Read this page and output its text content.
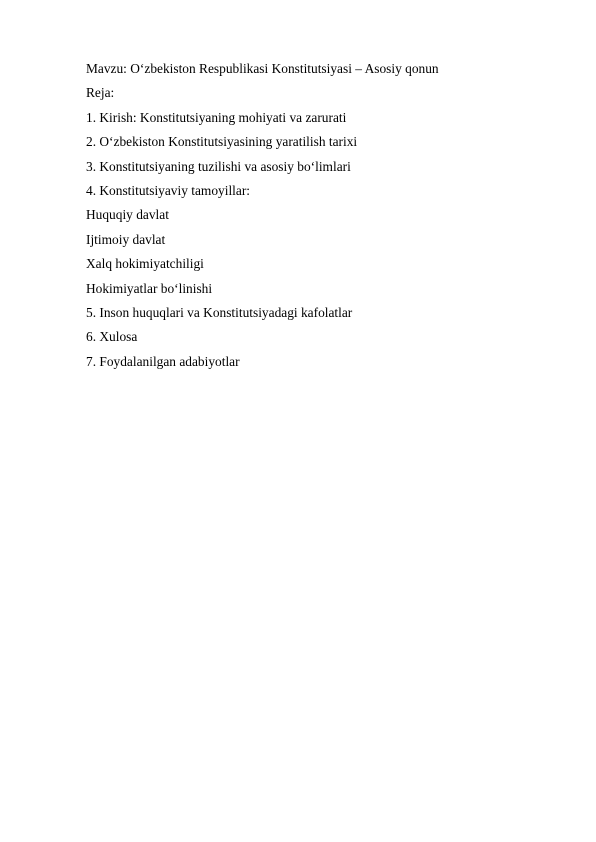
Mavzu: O‘zbekiston Respublikasi Konstitutsiyasi – Asosiy qonun
Reja:
1. Kirish: Konstitutsiyaning mohiyati va zarurati
2. O‘zbekiston Konstitutsiyasining yaratilish tarixi
3. Konstitutsiyaning tuzilishi va asosiy bo‘limlari
4. Konstitutsiyaviy tamoyillar:
Huquqiy davlat
Ijtimoiy davlat
Xalq hokimiyatchiligi
Hokimiyatlar bo‘linishi
5. Inson huquqlari va Konstitutsiyadagi kafolatlar
6. Xulosa
7. Foydalanilgan adabiyotlar
